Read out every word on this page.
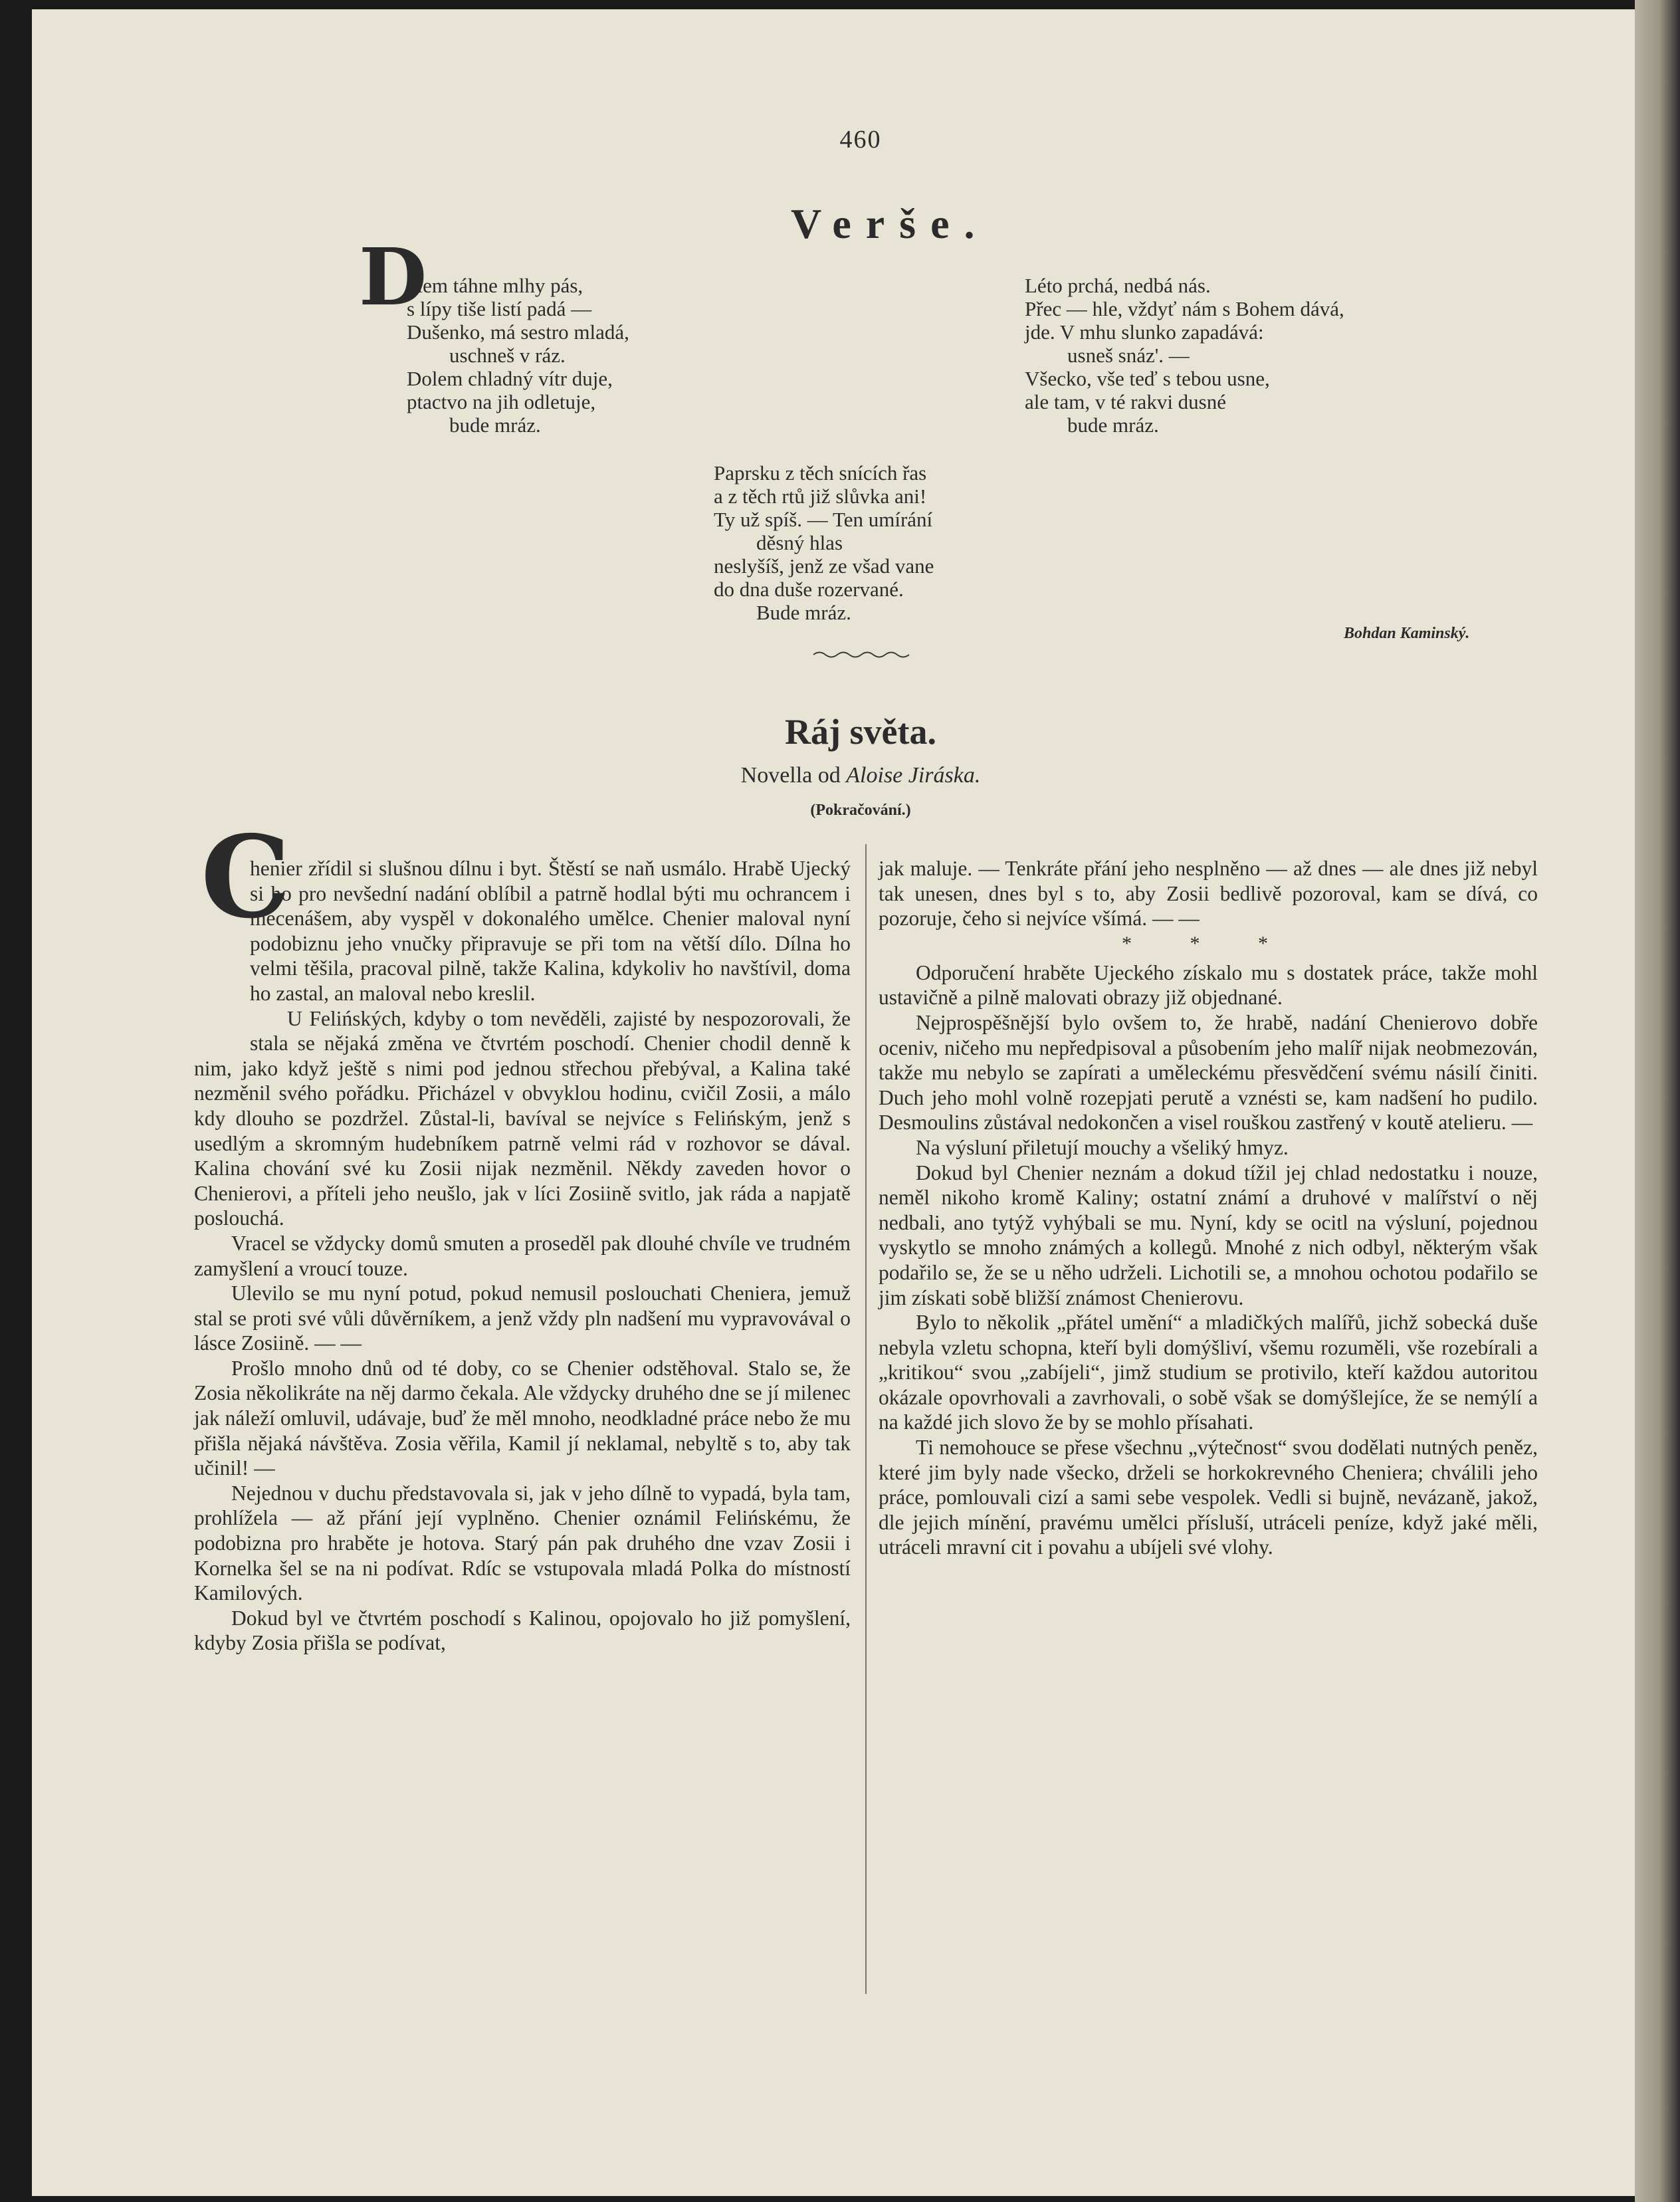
460
Verše.
D
olem táhne mlhy pás,
s lípy tiše listí padá —
Dušenko, má sestro mladá,
uschneš v ráz.
Dolem chladný vítr duje,
ptactvo na jih odletuje,
bude mráz.
Léto prchá, nedbá nás.
Přec — hle, vždyť nám s Bohem dává,
jde. V mhu slunko zapadává:
usneš snáz'. —
Všecko, vše teď s tebou usne,
ale tam, v té rakvi dusné
bude mráz.
Paprsku z těch snících řas
a z těch rtů již slůvka ani!
Ty už spíš. — Ten umírání
děsný hlas
neslyšíš, jenž ze všad vane
do dna duše rozervané.
Bude mráz.
Bohdan Kaminský.
Ráj světa.
Novella od Aloise Jiráska.
(Pokračování.)
C

henier zřídil si slušnou dílnu i byt. Štěstí se naň usmálo. Hrabě Ujecký si ho pro nevšední nadání oblíbil a patrně hodlal býti mu ochrancem i mecenášem, aby vyspěl v dokonalého umělce. Chenier maloval nyní podobiznu jeho vnučky připravuje se při tom na větší dílo. Dílna ho velmi těšila, pracoval pilně, takže Kalina, kdykoliv ho navštívil, doma ho zastal, an maloval nebo kreslil.

U Felińských, kdyby o tom nevěděli, zajisté by nespozorovali, že stala se nějaká změna ve čtvrtém poschodí. Chenier chodil denně k nim, jako když ještě s nimi pod jednou střechou přebýval, a Kalina také nezměnil svého pořádku. Přicházel v obvyklou hodinu, cvičil Zosii, a málo kdy dlouho se pozdržel. Zůstal-li, bavíval se nejvíce s Felińským, jenž s usedlým a skromným hudebníkem patrně velmi rád v rozhovor se dával. Kalina chování své ku Zosii nijak nezměnil. Někdy zaveden hovor o Chenierovi, a příteli jeho neušlo, jak v líci Zosiině svitlo, jak ráda a napjatě poslouchá.

Vracel se vždycky domů smuten a proseděl pak dlouhé chvíle ve trudném zamyšlení a vroucí touze.

Ulevilo se mu nyní potud, pokud nemusil poslouchati Cheniera, jemuž stal se proti své vůli důvěrníkem, a jenž vždy pln nadšení mu vypravovával o lásce Zosiině. — —

Prošlo mnoho dnů od té doby, co se Chenier odstěhoval. Stalo se, že Zosia několikráte na něj darmo čekala. Ale vždycky druhého dne se jí milenec jak náleží omluvil, udávaje, buď že měl mnoho, neodkladné práce nebo že mu přišla nějaká návštěva. Zosia věřila, Kamil jí neklamal, nebyltě s to, aby tak učinil! —

Nejednou v duchu představovala si, jak v jeho dílně to vypadá, byla tam, prohlížela — až přání její vyplněno. Chenier oznámil Felińskému, že podobizna pro hraběte je hotova. Starý pán pak druhého dne vzav Zosii i Kornelka šel se na ni podívat. Rdíc se vstupovala mladá Polka do místností Kamilových.

Dokud byl ve čtvrtém poschodí s Kalinou, opojovalo ho již pomyšlení, kdyby Zosia přišla se podívat,

jak maluje. — Tenkráte přání jeho nesplněno — až dnes — ale dnes již nebyl tak unesen, dnes byl s to, aby Zosii bedlivě pozoroval, kam se dívá, co pozoruje, čeho si nejvíce všímá. — —

* * *

Odporučení hraběte Ujeckého získalo mu s dostatek práce, takže mohl ustavičně a pilně malovati obrazy již objednané.

Nejprospěšnější bylo ovšem to, že hrabě, nadání Chenierovo dobře oceniv, ničeho mu nepředpisoval a působením jeho malíř nijak neobmezován, takže mu nebylo se zapírati a uměleckému přesvědčení svému násilí činiti. Duch jeho mohl volně rozepjati perutě a vznésti se, kam nadšení ho pudilo. Desmoulins zůstával nedokončen a visel rouškou zastřený v koutě atelieru. —

Na výsluní přiletují mouchy a všeliký hmyz.

Dokud byl Chenier neznám a dokud tížil jej chlad nedostatku i nouze, neměl nikoho kromě Kaliny; ostatní známí a druhové v malířství o něj nedbali, ano tytýž vyhýbali se mu. Nyní, kdy se ocitl na výsluní, pojednou vyskytlo se mnoho známých a kollegů. Mnohé z nich odbyl, některým však podařilo se, že se u něho udrželi. Lichotili se, a mnohou ochotou podařilo se jim získati sobě bližší známost Chenierovu.

Bylo to několik „přátel umění“ a mladičkých malířů, jichž sobecká duše nebyla vzletu schopna, kteří byli domýšliví, všemu rozuměli, vše rozebírali a „kritikou“ svou „zabíjeli“, jimž studium se protivilo, kteří každou autoritou okázale opovrhovali a zavrhovali, o sobě však se domýšlejíce, že se nemýlí a na každé jich slovo že by se mohlo přísahati.

Ti nemohouce se přese všechnu „výtečnost“ svou dodělati nutných peněz, které jim byly nade všecko, drželi se horkokrevného Cheniera; chválili jeho práce, pomlouvali cizí a sami sebe vespolek. Vedli si bujně, nevázaně, jakož, dle jejich mínění, pravému umělci přísluší, utráceli peníze, když jaké měli, utráceli mravní cit i povahu a ubíjeli své vlohy.
